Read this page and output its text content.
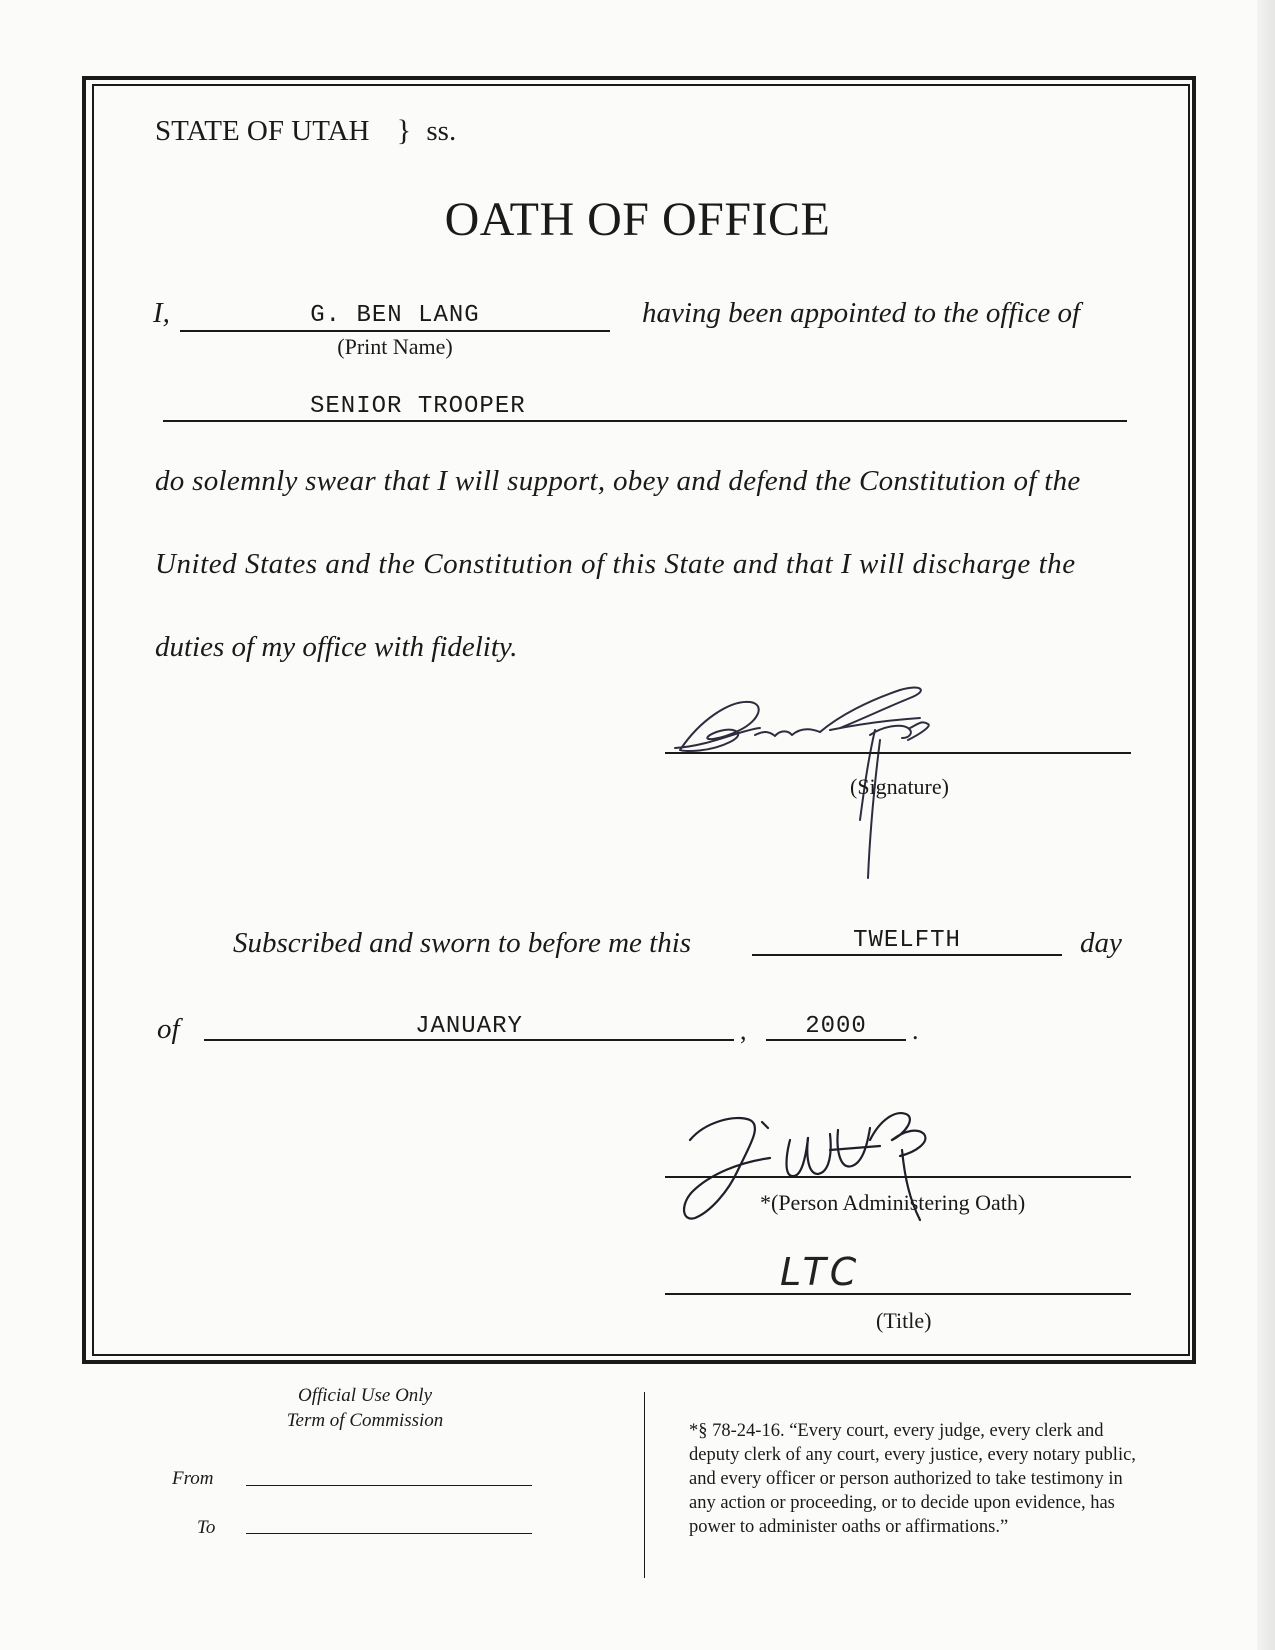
STATE OF UTAH } ss.
OATH OF OFFICE
I,	G. BEN LANG
(Print Name)
having been appointed to the office of
SENIOR TROOPER
do solemnly swear that I will support, obey and defend the Constitution of the
United States and the Constitution of this State and that I will discharge the
duties of my office with fidelity.
(Signature)
Subscribed and sworn to before me this	TWELFTH	day
of	JANUARY	,	2000	.
*(Person Administering Oath)
LTC
(Title)
Official Use Only
Term of Commission
From
To
*§ 78-24-16. “Every court, every judge, every clerk and
deputy clerk of any court, every justice, every notary public,
and every officer or person authorized to take testimony in
any action or proceeding, or to decide upon evidence, has
power to administer oaths or affirmations.”
